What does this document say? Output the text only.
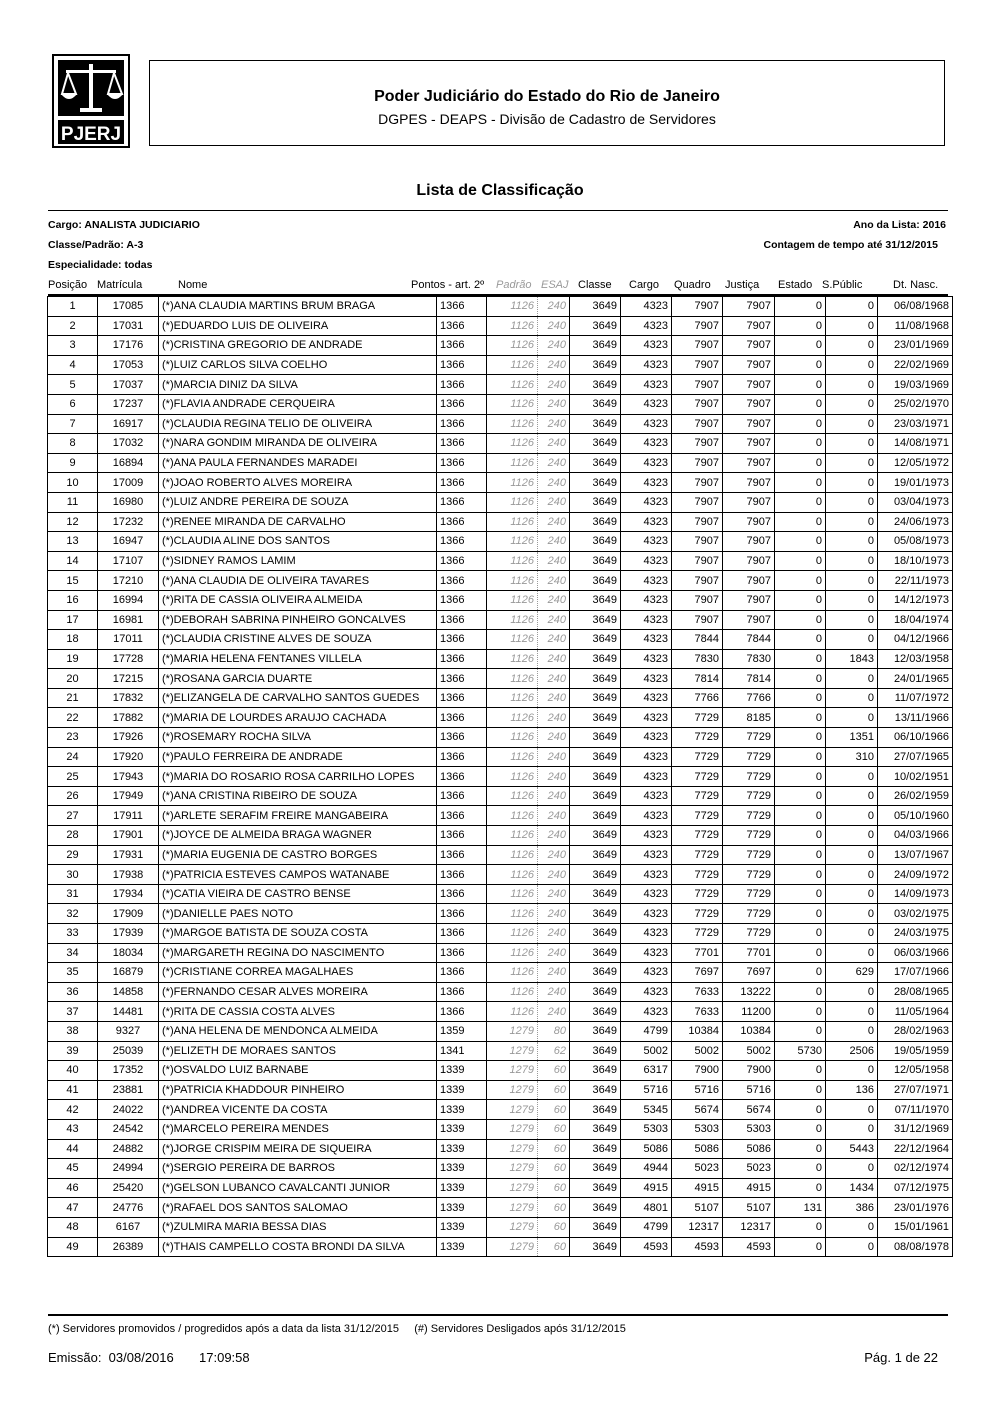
PJERJ
Poder Judiciário do Estado do Rio de Janeiro
DGPES - DEAPS - Divisão de Cadastro de Servidores
Lista de Classificação
Cargo: ANALISTA JUDICIARIO
Classe/Padrão: A-3
Especialidade: todas
Ano da Lista: 2016
Contagem de tempo até 31/12/2015
Posição Matrícula	Nome	Pontos - art. 2º Padrão ESAJ Classe Cargo Quadro Justiça Estado S.Públic	Dt. Nasc.
1	17085	(*)ANA CLAUDIA MARTINS BRUM BRAGA	1366	1126	240	3649	4323	7907	7907	0	0	06/08/1968
2	17031	(*)EDUARDO LUIS DE OLIVEIRA	1366	1126	240	3649	4323	7907	7907	0	0	11/08/1968
3	17176	(*)CRISTINA GREGORIO DE ANDRADE	1366	1126	240	3649	4323	7907	7907	0	0	23/01/1969
4	17053	(*)LUIZ CARLOS SILVA COELHO	1366	1126	240	3649	4323	7907	7907	0	0	22/02/1969
5	17037	(*)MARCIA DINIZ DA SILVA	1366	1126	240	3649	4323	7907	7907	0	0	19/03/1969
6	17237	(*)FLAVIA ANDRADE CERQUEIRA	1366	1126	240	3649	4323	7907	7907	0	0	25/02/1970
7	16917	(*)CLAUDIA REGINA TELIO DE OLIVEIRA	1366	1126	240	3649	4323	7907	7907	0	0	23/03/1971
8	17032	(*)NARA GONDIM MIRANDA DE OLIVEIRA	1366	1126	240	3649	4323	7907	7907	0	0	14/08/1971
9	16894	(*)ANA PAULA FERNANDES MARADEI	1366	1126	240	3649	4323	7907	7907	0	0	12/05/1972
10	17009	(*)JOAO ROBERTO ALVES MOREIRA	1366	1126	240	3649	4323	7907	7907	0	0	19/01/1973
11	16980	(*)LUIZ ANDRE PEREIRA DE SOUZA	1366	1126	240	3649	4323	7907	7907	0	0	03/04/1973
12	17232	(*)RENEE MIRANDA DE CARVALHO	1366	1126	240	3649	4323	7907	7907	0	0	24/06/1973
13	16947	(*)CLAUDIA ALINE DOS SANTOS	1366	1126	240	3649	4323	7907	7907	0	0	05/08/1973
14	17107	(*)SIDNEY RAMOS LAMIM	1366	1126	240	3649	4323	7907	7907	0	0	18/10/1973
15	17210	(*)ANA CLAUDIA DE OLIVEIRA TAVARES	1366	1126	240	3649	4323	7907	7907	0	0	22/11/1973
16	16994	(*)RITA DE CASSIA OLIVEIRA ALMEIDA	1366	1126	240	3649	4323	7907	7907	0	0	14/12/1973
17	16981	(*)DEBORAH SABRINA PINHEIRO GONCALVES	1366	1126	240	3649	4323	7907	7907	0	0	18/04/1974
18	17011	(*)CLAUDIA CRISTINE ALVES DE SOUZA	1366	1126	240	3649	4323	7844	7844	0	0	04/12/1966
19	17728	(*)MARIA HELENA FENTANES VILLELA	1366	1126	240	3649	4323	7830	7830	0	1843	12/03/1958
20	17215	(*)ROSANA GARCIA DUARTE	1366	1126	240	3649	4323	7814	7814	0	0	24/01/1965
21	17832	(*)ELIZANGELA DE CARVALHO SANTOS GUEDES	1366	1126	240	3649	4323	7766	7766	0	0	11/07/1972
22	17882	(*)MARIA DE LOURDES ARAUJO CACHADA	1366	1126	240	3649	4323	7729	8185	0	0	13/11/1966
23	17926	(*)ROSEMARY ROCHA SILVA	1366	1126	240	3649	4323	7729	7729	0	1351	06/10/1966
24	17920	(*)PAULO FERREIRA DE ANDRADE	1366	1126	240	3649	4323	7729	7729	0	310	27/07/1965
25	17943	(*)MARIA DO ROSARIO ROSA CARRILHO LOPES	1366	1126	240	3649	4323	7729	7729	0	0	10/02/1951
26	17949	(*)ANA CRISTINA RIBEIRO DE SOUZA	1366	1126	240	3649	4323	7729	7729	0	0	26/02/1959
27	17911	(*)ARLETE SERAFIM FREIRE MANGABEIRA	1366	1126	240	3649	4323	7729	7729	0	0	05/10/1960
28	17901	(*)JOYCE DE ALMEIDA BRAGA WAGNER	1366	1126	240	3649	4323	7729	7729	0	0	04/03/1966
29	17931	(*)MARIA EUGENIA DE CASTRO BORGES	1366	1126	240	3649	4323	7729	7729	0	0	13/07/1967
30	17938	(*)PATRICIA ESTEVES CAMPOS WATANABE	1366	1126	240	3649	4323	7729	7729	0	0	24/09/1972
31	17934	(*)CATIA VIEIRA DE CASTRO BENSE	1366	1126	240	3649	4323	7729	7729	0	0	14/09/1973
32	17909	(*)DANIELLE PAES NOTO	1366	1126	240	3649	4323	7729	7729	0	0	03/02/1975
33	17939	(*)MARGOE BATISTA DE SOUZA COSTA	1366	1126	240	3649	4323	7729	7729	0	0	24/03/1975
34	18034	(*)MARGARETH REGINA DO NASCIMENTO	1366	1126	240	3649	4323	7701	7701	0	0	06/03/1966
35	16879	(*)CRISTIANE CORREA MAGALHAES	1366	1126	240	3649	4323	7697	7697	0	629	17/07/1966
36	14858	(*)FERNANDO CESAR ALVES MOREIRA	1366	1126	240	3649	4323	7633	13222	0	0	28/08/1965
37	14481	(*)RITA DE CASSIA COSTA ALVES	1366	1126	240	3649	4323	7633	11200	0	0	11/05/1964
38	9327	(*)ANA HELENA DE MENDONCA ALMEIDA	1359	1279	80	3649	4799	10384	10384	0	0	28/02/1963
39	25039	(*)ELIZETH DE MORAES SANTOS	1341	1279	62	3649	5002	5002	5002	5730	2506	19/05/1959
40	17352	(*)OSVALDO LUIZ BARNABE	1339	1279	60	3649	6317	7900	7900	0	0	12/05/1958
41	23881	(*)PATRICIA KHADDOUR PINHEIRO	1339	1279	60	3649	5716	5716	5716	0	136	27/07/1971
42	24022	(*)ANDREA VICENTE DA COSTA	1339	1279	60	3649	5345	5674	5674	0	0	07/11/1970
43	24542	(*)MARCELO PEREIRA MENDES	1339	1279	60	3649	5303	5303	5303	0	0	31/12/1969
44	24882	(*)JORGE CRISPIM MEIRA DE SIQUEIRA	1339	1279	60	3649	5086	5086	5086	0	5443	22/12/1964
45	24994	(*)SERGIO PEREIRA DE BARROS	1339	1279	60	3649	4944	5023	5023	0	0	02/12/1974
46	25420	(*)GELSON LUBANCO CAVALCANTI JUNIOR	1339	1279	60	3649	4915	4915	4915	0	1434	07/12/1975
47	24776	(*)RAFAEL DOS SANTOS SALOMAO	1339	1279	60	3649	4801	5107	5107	131	386	23/01/1976
48	6167	(*)ZULMIRA MARIA BESSA DIAS	1339	1279	60	3649	4799	12317	12317	0	0	15/01/1961
49	26389	(*)THAIS CAMPELLO COSTA BRONDI DA SILVA	1339	1279	60	3649	4593	4593	4593	0	0	08/08/1978
(*) Servidores promovidos / progredidos após a data da lista 31/12/2015     (#) Servidores Desligados após 31/12/2015
Emissão:  03/08/2016       17:09:58	Pág. 1 de 22
